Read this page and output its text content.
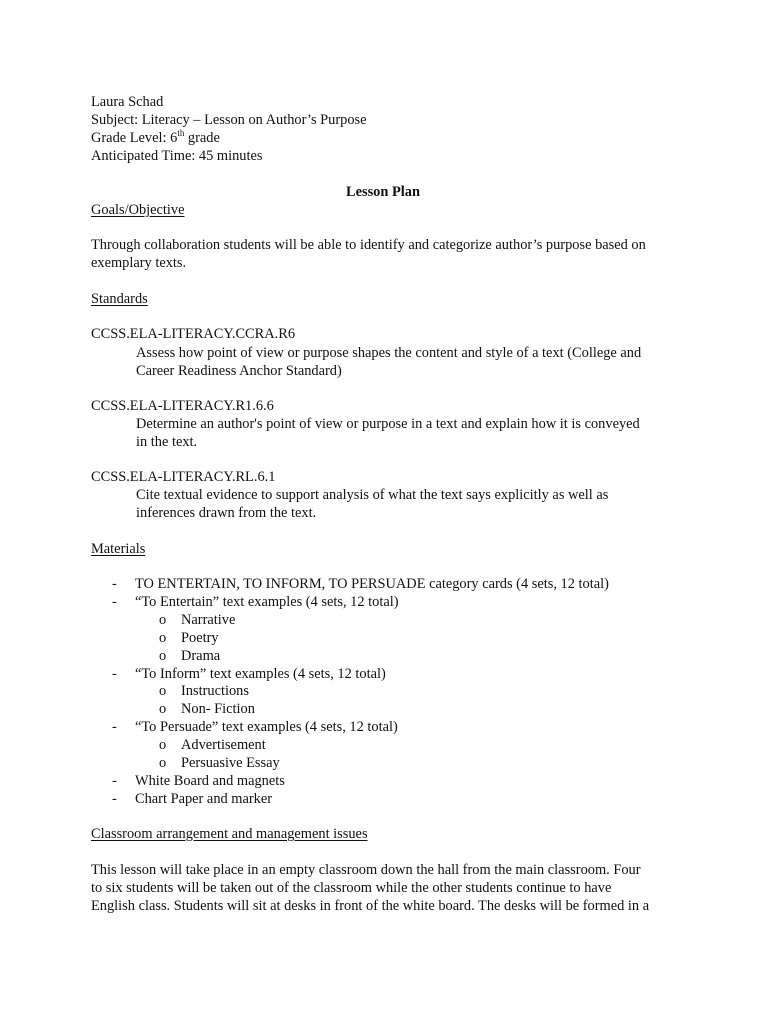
Laura Schad
Subject: Literacy – Lesson on Author’s Purpose
Grade Level: 6th grade
Anticipated Time: 45 minutes
Lesson Plan
Goals/Objective
Through collaboration students will be able to identify and categorize author’s purpose based on
exemplary texts.
Standards
CCSS.ELA-LITERACY.CCRA.R6
Assess how point of view or purpose shapes the content and style of a text (College and
Career Readiness Anchor Standard)
CCSS.ELA-LITERACY.R1.6.6
Determine an author's point of view or purpose in a text and explain how it is conveyed
in the text.
CCSS.ELA-LITERACY.RL.6.1
Cite textual evidence to support analysis of what the text says explicitly as well as
inferences drawn from the text.
Materials
- TO ENTERTAIN, TO INFORM, TO PERSUADE category cards (4 sets, 12 total)
- “To Entertain” text examples (4 sets, 12 total)
o Narrative
o Poetry
o Drama
- “To Inform” text examples (4 sets, 12 total)
o Instructions
o Non- Fiction
- “To Persuade” text examples (4 sets, 12 total)
o Advertisement
o Persuasive Essay
- White Board and magnets
- Chart Paper and marker
Classroom arrangement and management issues
This lesson will take place in an empty classroom down the hall from the main classroom. Four
to six students will be taken out of the classroom while the other students continue to have
English class. Students will sit at desks in front of the white board. The desks will be formed in a
